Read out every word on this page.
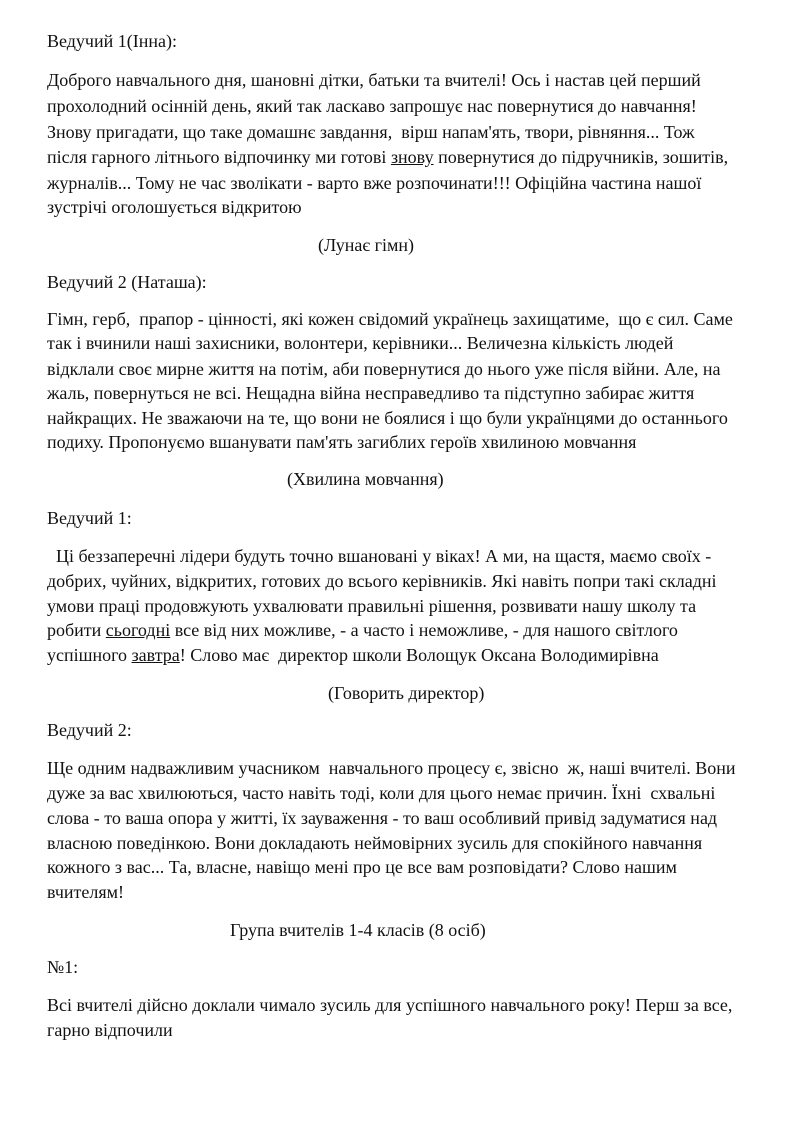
Ведучий 1(Інна):
Доброго навчального дня, шановні дітки, батьки та вчителі! Ось і настав цей перший
прохолодний осінній день, який так ласкаво запрошує нас повернутися до навчання!
Знову пригадати, що таке домашнє завдання,  вірш напам'ять, твори, рівняння... Тож
після гарного літнього відпочинку ми готові знову повернутися до підручників, зошитів,
журналів... Тому не час зволікати - варто вже розпочинати!!! Офіційна частина нашої
зустрічі оголошується відкритою
(Лунає гімн)
Ведучий 2 (Наташа):
Гімн, герб,  прапор - цінності, які кожен свідомий українець захищатиме,  що є сил. Саме
так і вчинили наші захисники, волонтери, керівники... Величезна кількість людей
відклали своє мирне життя на потім, аби повернутися до нього уже після війни. Але, на
жаль, повернуться не всі. Нещадна війна несправедливо та підступно забирає життя
найкращих. Не зважаючи на те, що вони не боялися і що були українцями до останнього
подиху. Пропонуємо вшанувати пам'ять загиблих героїв хвилиною мовчання
(Хвилина мовчання)
Ведучий 1:
Ці беззаперечні лідери будуть точно вшановані у віках! А ми, на щастя, маємо своїх -
добрих, чуйних, відкритих, готових до всього керівників. Які навіть попри такі складні
умови праці продовжують ухвалювати правильні рішення, розвивати нашу школу та
робити сьогодні все від них можливе, - а часто і неможливе, - для нашого світлого
успішного завтра! Слово має  директор школи Волощук Оксана Володимирівна
(Говорить директор)
Ведучий 2:
Ще одним надважливим учасником  навчального процесу є, звісно  ж, наші вчителі. Вони
дуже за вас хвилюються, часто навіть тоді, коли для цього немає причин. Їхні  схвальні
слова - то ваша опора у житті, їх зауваження - то ваш особливий привід задуматися над
власною поведінкою. Вони докладають неймовірних зусиль для спокійного навчання
кожного з вас... Та, власне, навіщо мені про це все вам розповідати? Слово нашим
вчителям!
Група вчителів 1-4 класів (8 осіб)
№1:
Всі вчителі дійсно доклали чимало зусиль для успішного навчального року! Перш за все,
гарно відпочили
